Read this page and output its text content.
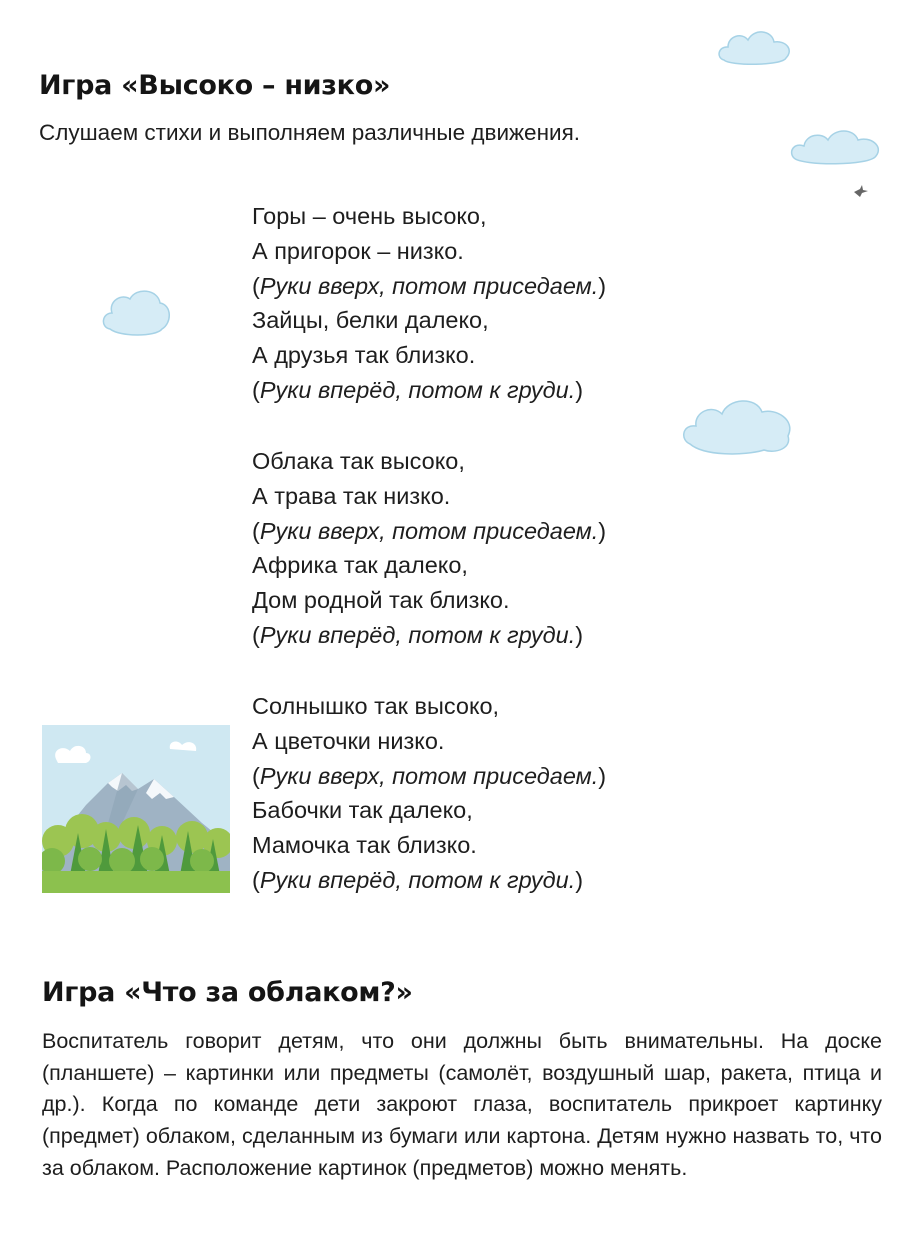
Игра «Высоко – низко»

Слушаем стихи и выполняем различные движения.

Горы – очень высоко,
А пригорок – низко.
(Руки вверх, потом приседаем.)
Зайцы, белки далеко,
А друзья так близко.
(Руки вперёд, потом к груди.)
Облака так высоко,
А трава так низко.
(Руки вверх, потом приседаем.)
Африка так далеко,
Дом родной так близко.
(Руки вперёд, потом к груди.)
Солнышко так высоко,
А цветочки низко.
(Руки вверх, потом приседаем.)
Бабочки так далеко,
Мамочка так близко.
(Руки вперёд, потом к груди.)
Игра «Что за облаком?»

Воспитатель говорит детям, что они должны быть внимательны. На доске (планшете) – картинки или предметы (самолёт, воздушный шар, ракета, птица и др.). Когда по команде дети закроют глаза, воспитатель прикроет картинку (предмет) облаком, сделанным из бумаги или картона. Детям нужно назвать то, что за облаком. Расположение картинок (предметов) можно менять.
